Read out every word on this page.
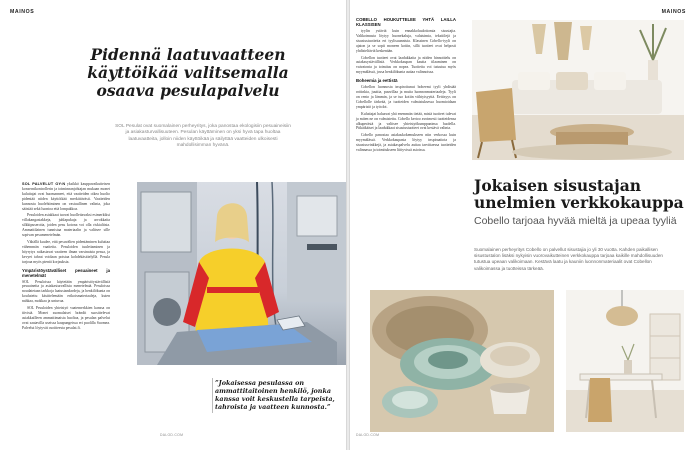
MAINOS
Pidennä laatuvaatteen käyttöikää valitsemalla osaava pesulapalvelu
SOL Pesulat ovat suomalainen perheyritys, joka panostaa ekologisiin pesuaineisiin ja asiakasturvallisuuteen. Pesulan käyttäminen on yksi hyvä tapa huoltaa laatuvaatteita, jolloin niiden käyttöikää ja säilyttää vaatteiden ulkoisesti mahdollisimman hyvänä.

SOL PALVELUT OY:N yksikkö kauppavaikutteisen konsernikontrollerin ja toiminnanjohtajan mukaan monet kuluttajat ovat huomanneet, että vaatteiden oikea huolto pidentää niiden käyttöikää merkittävästi. Vaatteiden kunnosta huolehtiminen on vastuullinen valinta, joka säästää sekä luontoa että lompakkoa.

Pesuloiden asiakkaat tuovat huollettavaksi esimerkiksi villakangastakkeja, juhlapukuja ja arvokkaita silkkipuseroita, joiden pesu kotona voi olla riskialtista. Ammattilainen tunnistaa materiaalin ja valitsee sille sopivan pesumenetelmän.

Vähällä kuulee, että pesuvälien pidentäminen kuluttaa vähemmän vaatteita. Pesuloiden tuulettaminen ja höyrytys raikastavat vaatteen ilman varsinaista pesua, ja kevyet tahrat voidaan poistaa kohdekäsittelyllä. Pesula tarjoaa myös pieniä korjauksia.

Ympäristöystävälliset pesuaineet ja menetelmät

SOL Pesuloissa käytetään ympäristöystävällisiä pesuaineita ja asiakasturvallisia menetelmiä. Pesuloissa noudatetaan tarkkoja laatustandardeja, ja henkilökunta on koulutettu käsittelemään erikoismateriaaleja, kuten nahkaa, mokkaa ja untuvaa.

SOL Pesuloiden yhteistyö vaatemerkkien kanssa on tiivistä. Monet suomalaiset brändit suosittelevat asiakkailleen ammattimaista huoltoa, ja pesulan palvelut ovat saatavilla useissa kaupungeissa eri puolilla Suomea. Palvelut löytyvät osoitteesta pesulat.fi.

”Jokaisessa pesulassa on ammattitaitoinen henkilö, jonka kanssa voit keskustella tarpeista, tahroista ja vaatteen kunnosta.”
DALOD.COM
MAINOS
COBELLO HOUKUTTELEE YHTÄ LAILLA KLASSISEN

tyylin ystäviä kuin ennakkoluulottomia sisustajia. Valikoimasta löytyy huonekaluja, valaisimia, tekstiilejä ja sisustustuotteita eri tyylisuunnista. Klassinen Cobello-tyyli on ajaton ja se sopii moneen kotiin, sillä tuotteet ovat helposti yhdisteltäviä keskenään.

Cobellon tuotteet ovat laadukkaita ja niiden hinnoittelu on asiakasystävällistä. Verkkokaupan kautta tilaaminen on vaivatonta ja toimitus on nopea. Tuotteita voi tutustua myös myymälässä, jossa henkilökunta auttaa valinnoissa.

Boheemia ja eettistä

Cobellon luonnosta inspiroitunut boheemi tyyli yhdistää rottinkia, juuttia, puuvillaa ja muita luonnonmateriaaleja. Tyyli on rento ja lämmin, ja se tuo kotiin viihtyisyyttä. Eettisyys on Cobellolle tärkeää, ja tuotteiden valmistuksessa huomioidaan ympäristö ja työolot.

Kuluttajat haluavat yhä enemmän tietää, mistä tuotteet tulevat ja miten ne on valmistettu. Cobello kertoo avoimesti tuotteidensa alkuperästä ja valitsee yhteistyökumppaninsa huolella. Pitkäikäiset ja laadukkaat sisustustuotteet ovat kestävä valinta.

Cobello panostaa asiakaskokemukseen niin verkossa kuin myymälässä. Verkkokaupasta löytyy inspiraatiota ja sisustusvinkkejä, ja asiakaspalvelu auttaa tarvittaessa tuotteiden valinnassa ja toimitukseen liittyvissä asioissa.

Jokaisen sisustajan unelmien verkkokauppa
Cobello tarjoaa hyvää mieltä ja upeaa tyyliä
Suomalainen perheyritys Cobello on palvellut sisustajia jo yli 30 vuotta. Kahden paikallisen sisustustalon lisäksi nykyisin vuorovaikutteinen verkkokauppa tarjoaa kaikille mahdollisuuden tutustua upeaan valikoimaan. Kestävä laatu ja kauniin luonnonmateriaalit ovat Cobellon valikoimassa ja tuotteissa tärkeää.
DALOD.COM
